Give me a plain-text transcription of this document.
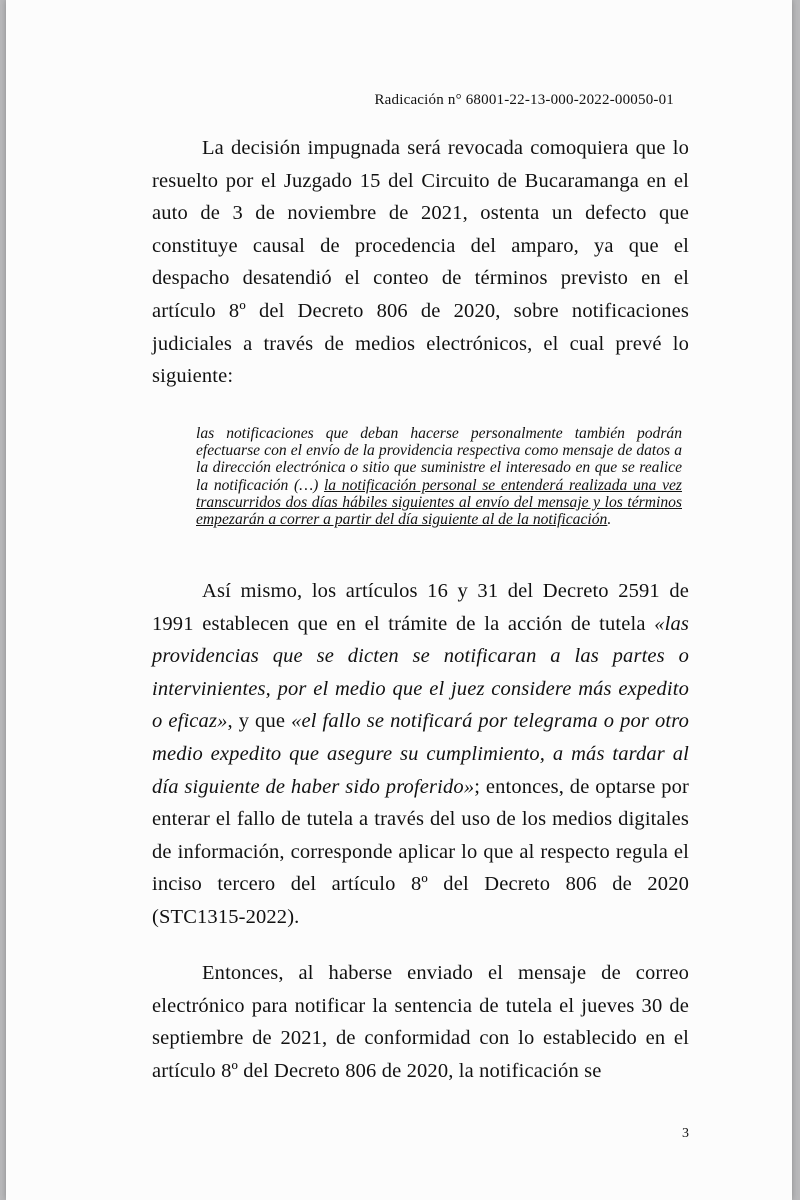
Radicación n° 68001-22-13-000-2022-00050-01

La decisión impugnada será revocada comoquiera que lo resuelto por el Juzgado 15 del Circuito de Bucaramanga en el auto de 3 de noviembre de 2021, ostenta un defecto que constituye causal de procedencia del amparo, ya que el despacho desatendió el conteo de términos previsto en el artículo 8º del Decreto 806 de 2020, sobre notificaciones judiciales a través de medios electrónicos, el cual prevé lo siguiente:

las notificaciones que deban hacerse personalmente también podrán efectuarse con el envío de la providencia respectiva como mensaje de datos a la dirección electrónica o sitio que suministre el interesado en que se realice la notificación (…) la notificación personal se entenderá realizada una vez transcurridos dos días hábiles siguientes al envío del mensaje y los términos empezarán a correr a partir del día siguiente al de la notificación.

Así mismo, los artículos 16 y 31 del Decreto 2591 de 1991 establecen que en el trámite de la acción de tutela «las providencias que se dicten se notificaran a las partes o intervinientes, por el medio que el juez considere más expedito o eficaz», y que «el fallo se notificará por telegrama o por otro medio expedito que asegure su cumplimiento, a más tardar al día siguiente de haber sido proferido»; entonces, de optarse por enterar el fallo de tutela a través del uso de los medios digitales de información, corresponde aplicar lo que al respecto regula el inciso tercero del artículo 8º del Decreto 806 de 2020 (STC1315-2022).

Entonces, al haberse enviado el mensaje de correo electrónico para notificar la sentencia de tutela el jueves 30 de septiembre de 2021, de conformidad con lo establecido en el artículo 8º del Decreto 806 de 2020, la notificación se

3
